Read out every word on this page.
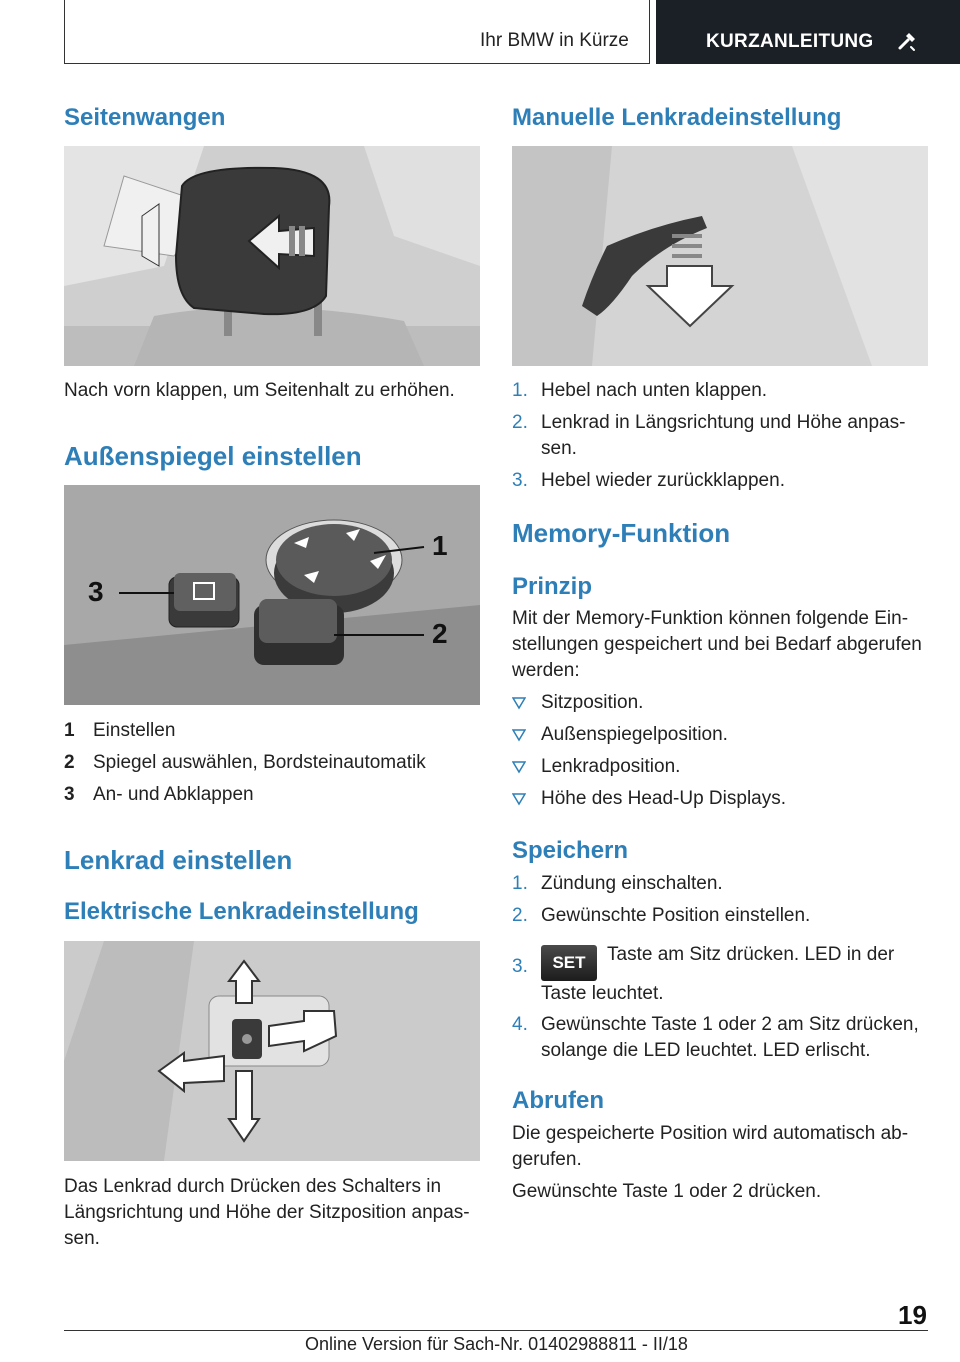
Ihr BMW in Kürze	KURZANLEITUNG
Seitenwangen
Nach vorn klappen, um Seitenhalt zu erhöhen.
Außenspiegel einstellen
3
1
2
1 Einstellen
2 Spiegel auswählen, Bordsteinautomatik
3 An- und Abklappen
Lenkrad einstellen
Elektrische Lenkradeinstellung
Das Lenkrad durch Drücken des Schalters in Längsrichtung und Höhe der Sitzposition anpas‐sen.
Manuelle Lenkradeinstellung
1. Hebel nach unten klappen.
2. Lenkrad in Längsrichtung und Höhe anpas‐sen.
3. Hebel wieder zurückklappen.
Memory-Funktion
Prinzip
Mit der Memory-Funktion können folgende Ein‐stellungen gespeichert und bei Bedarf abgerufen werden:
Sitzposition.
Außenspiegelposition.
Lenkradposition.
Höhe des Head-Up Displays.
Speichern
1. Zündung einschalten.
2. Gewünschte Position einstellen.
3.	SET Taste am Sitz drücken. LED in der Taste leuchtet.
4. Gewünschte Taste 1 oder 2 am Sitz drücken, solange die LED leuchtet. LED erlischt.
Abrufen
Die gespeicherte Position wird automatisch ab‐gerufen.
Gewünschte Taste 1 oder 2 drücken.
19
Online Version für Sach-Nr. 01402988811 - II/18
